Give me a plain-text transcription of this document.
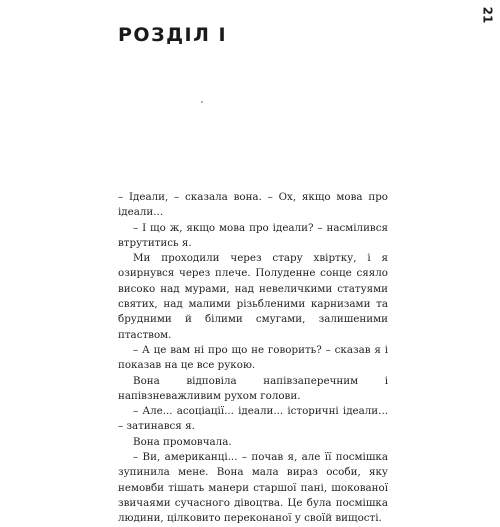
РОЗДІЛ І
21

– Ідеали, – сказала вона. – Ох, якщо мова про ідеали...

– І що ж, якщо мова про ідеали? – насмілився втрутитись я.

Ми проходили через стару хвіртку, і я озирнувся через плече. Полуденне сонце сяяло високо над мурами, над невеличкими статуями святих, над малими різьбленими карнизами та брудними й білими смугами, залишеними птаством.

– А це вам ні про що не говорить? – сказав я і показав на це все рукою.

Вона відповіла напівзаперечним і напівзневажливим рухом голови.

– Але... асоціації... ідеали... історичні ідеали... – затинався я.

Вона промовчала.

– Ви, американці... – почав я, але її посмішка зупинила мене. Вона мала вираз особи, яку немовби тішать манери старшої пані, шокованої звичаями сучасного дівоцтва. Це була посмішка людини, цілковито переконаної у своїй вищості.
